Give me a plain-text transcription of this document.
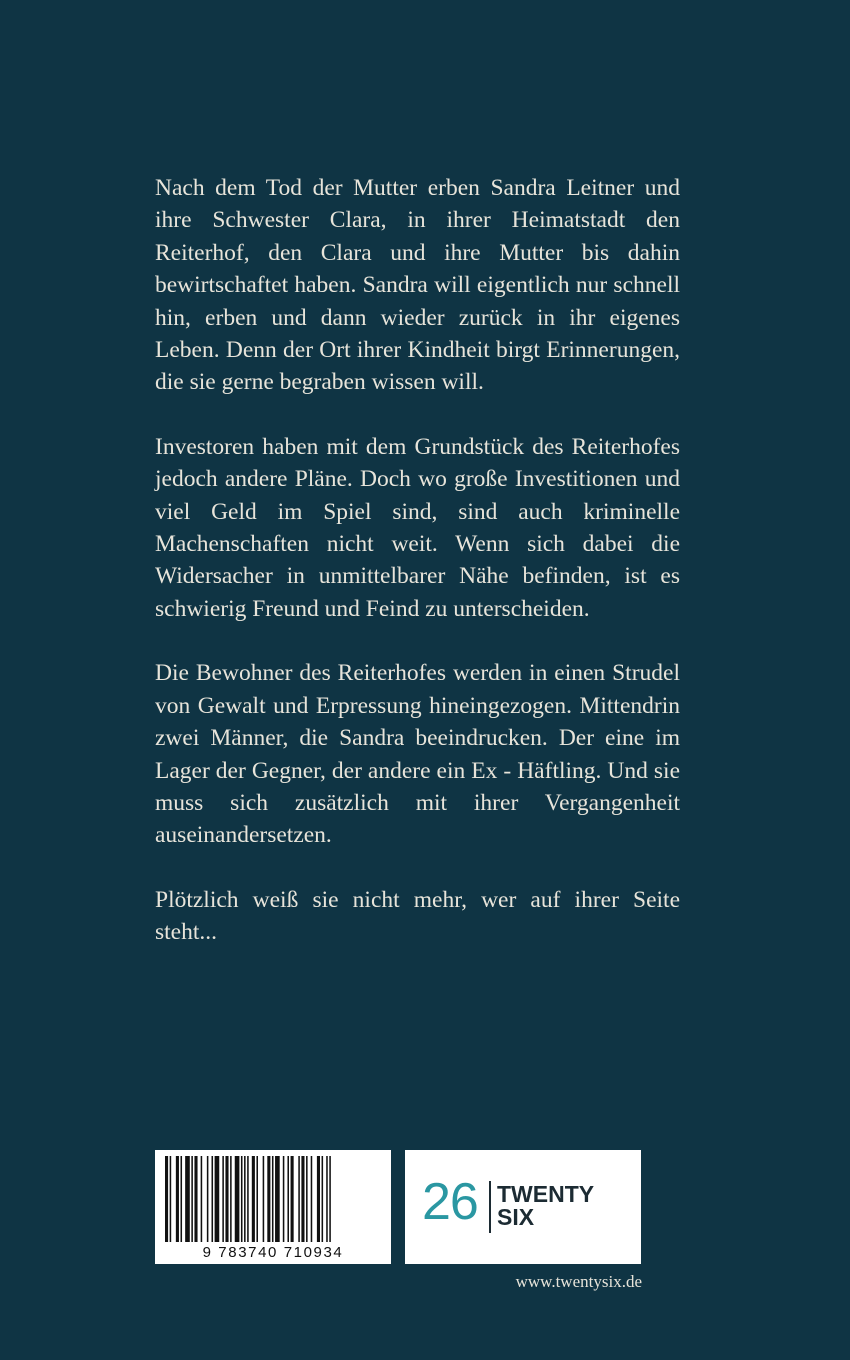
Nach dem Tod der Mutter erben Sandra Leitner und ihre Schwester Clara, in ihrer Heimatstadt den Reiterhof, den Clara und ihre Mutter bis dahin bewirtschaftet haben. Sandra will eigentlich nur schnell hin, erben und dann wieder zurück in ihr eigenes Leben. Denn der Ort ihrer Kindheit birgt Erinnerungen, die sie gerne begraben wissen will.

Investoren haben mit dem Grundstück des Reiterhofes jedoch andere Pläne. Doch wo große Investitionen und viel Geld im Spiel sind, sind auch kriminelle Machenschaften nicht weit. Wenn sich dabei die Widersacher in unmittelbarer Nähe befinden, ist es schwierig Freund und Feind zu unterscheiden.

Die Bewohner des Reiterhofes werden in einen Strudel von Gewalt und Erpressung hineingezogen. Mittendrin zwei Männer, die Sandra beeindrucken. Der eine im Lager der Gegner, der andere ein Ex - Häftling. Und sie muss sich zusätzlich mit ihrer Vergangenheit auseinandersetzen.

Plötzlich weiß sie nicht mehr, wer auf ihrer Seite steht...

9 783740 710934
26 TWENTY
SIX
www.twentysix.de
